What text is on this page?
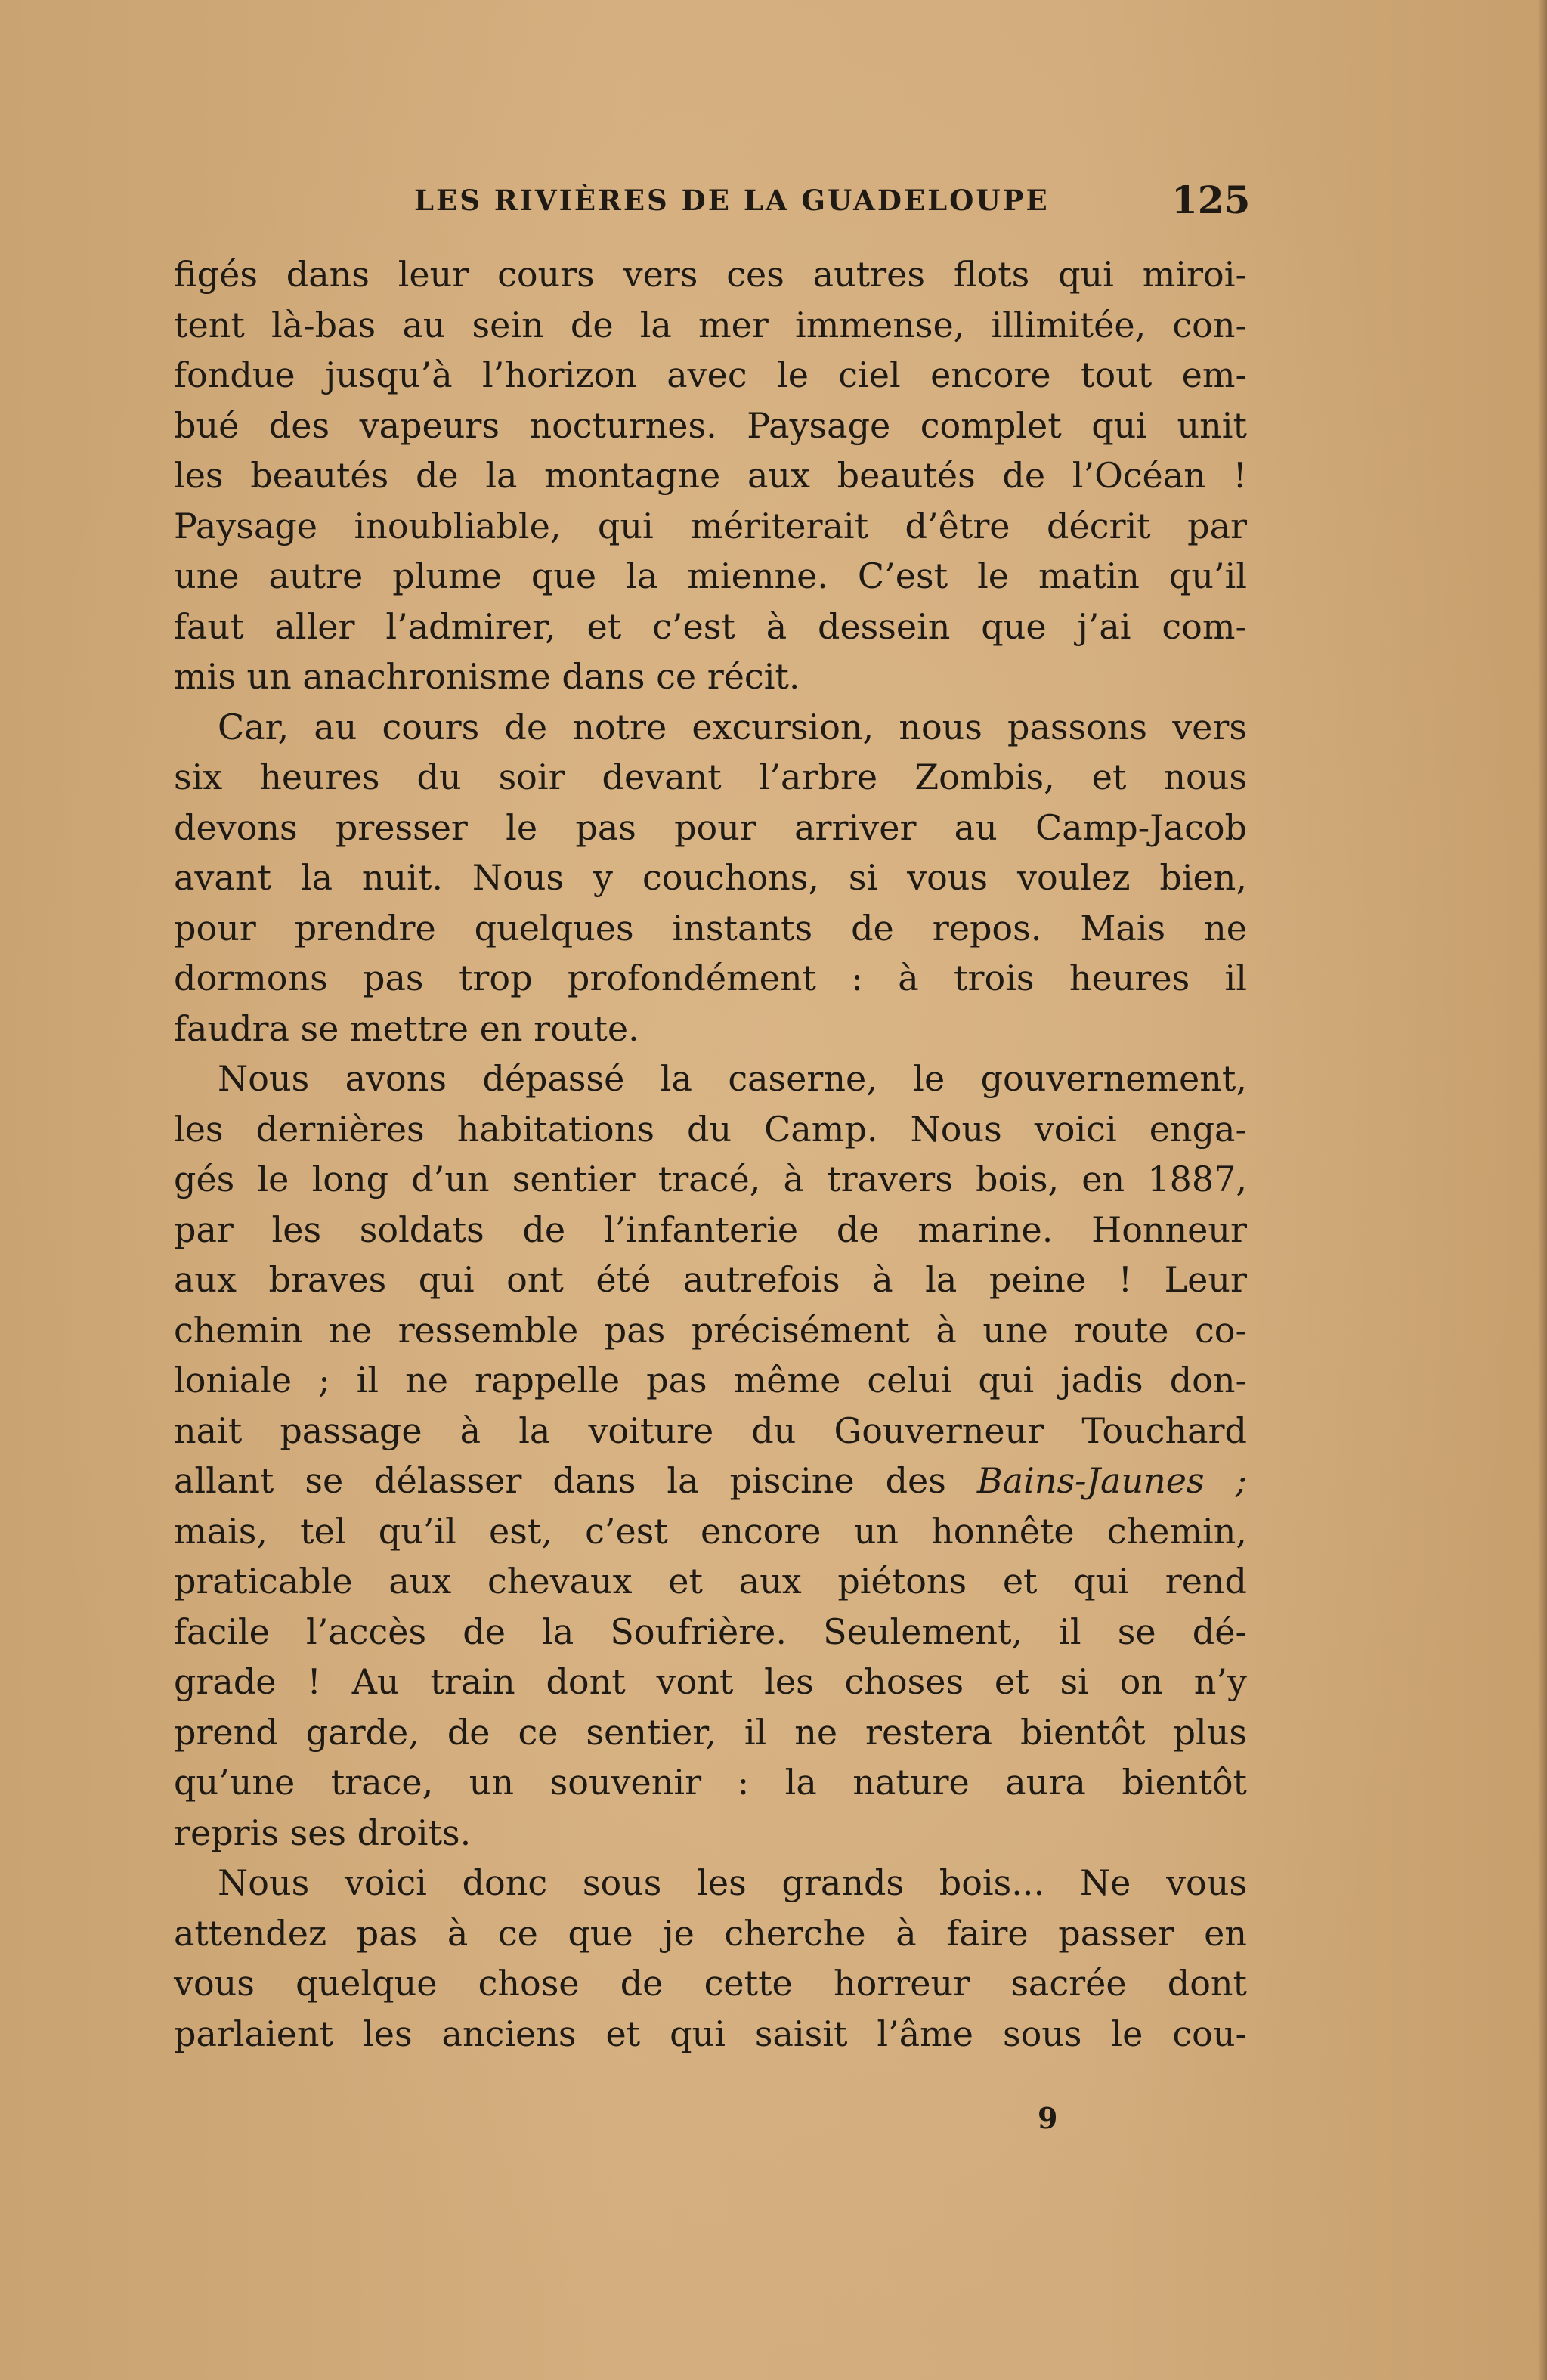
LES RIVIÈRES DE LA GUADELOUPE	125
figés dans leur cours vers ces autres flots qui miroi-
tent là-bas au sein de la mer immense, illimitée, con-
fondue jusqu’à l’horizon avec le ciel encore tout em-
bué des vapeurs nocturnes. Paysage complet qui unit
les beautés de la montagne aux beautés de l’Océan !
Paysage inoubliable, qui mériterait d’être décrit par
une autre plume que la mienne. C’est le matin qu’il
faut aller l’admirer, et c’est à dessein que j’ai com-
mis un anachronisme dans ce récit.
Car, au cours de notre excursion, nous passons vers
six heures du soir devant l’arbre Zombis, et nous
devons presser le pas pour arriver au Camp-Jacob
avant la nuit. Nous y couchons, si vous voulez bien,
pour prendre quelques instants de repos. Mais ne
dormons pas trop profondément : à trois heures il
faudra se mettre en route.
Nous avons dépassé la caserne, le gouvernement,
les dernières habitations du Camp. Nous voici enga-
gés le long d’un sentier tracé, à travers bois, en 1887,
par les soldats de l’infanterie de marine. Honneur
aux braves qui ont été autrefois à la peine ! Leur
chemin ne ressemble pas précisément à une route co-
loniale ; il ne rappelle pas même celui qui jadis don-
nait passage à la voiture du Gouverneur Touchard
allant se délasser dans la piscine des Bains-Jaunes ;
mais, tel qu’il est, c’est encore un honnête chemin,
praticable aux chevaux et aux piétons et qui rend
facile l’accès de la Soufrière. Seulement, il se dé-
grade ! Au train dont vont les choses et si on n’y
prend garde, de ce sentier, il ne restera bientôt plus
qu’une trace, un souvenir : la nature aura bientôt
repris ses droits.
Nous voici donc sous les grands bois... Ne vous
attendez pas à ce que je cherche à faire passer en
vous quelque chose de cette horreur sacrée dont
parlaient les anciens et qui saisit l’âme sous le cou-
9
